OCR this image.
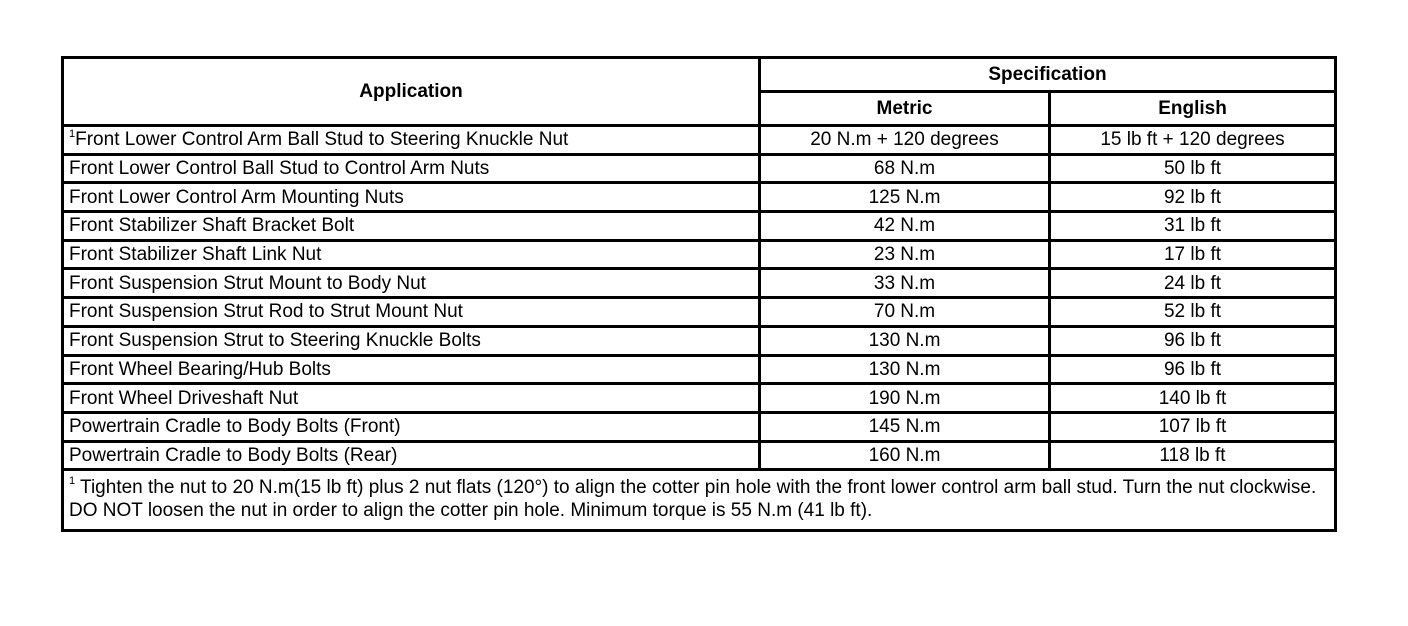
Application	Specification	
	Metric	English
$^1$Front Lower Control Arm Ball Stud to Steering Knuckle Nut	20 N.m + 120 degrees	15 lb ft + 120 degrees
Front Lower Control Ball Stud to Control Arm Nuts	68 N.m	50 lb ft
Front Lower Control Arm Mounting Nuts	125 N.m	92 lb ft
Front Stabilizer Shaft Bracket Bolt	42 N.m	31 lb ft
Front Stabilizer Shaft Link Nut	23 N.m	17 lb ft
Front Suspension Strut Mount to Body Nut	33 N.m	24 lb ft
Front Suspension Strut Rod to Strut Mount Nut	70 N.m	52 lb ft
Front Suspension Strut to Steering Knuckle Bolts	130 N.m	96 lb ft
Front Wheel Bearing/Hub Bolts	130 N.m	96 lb ft
Front Wheel Driveshaft Nut	190 N.m	140 lb ft
Powertrain Cradle to Body Bolts (Front)	145 N.m	107 lb ft
Powertrain Cradle to Body Bolts (Rear)	160 N.m	118 lb ft
$^1$ Tighten the nut to 20 N.m(15 lb ft) plus 2 nut flats (120°) to align the cotter pin hole with the front lower control arm ball stud. Turn the nut clockwise. DO NOT loosen the nut in order to align the cotter pin hole. Minimum torque is 55 N.m (41 lb ft).		
